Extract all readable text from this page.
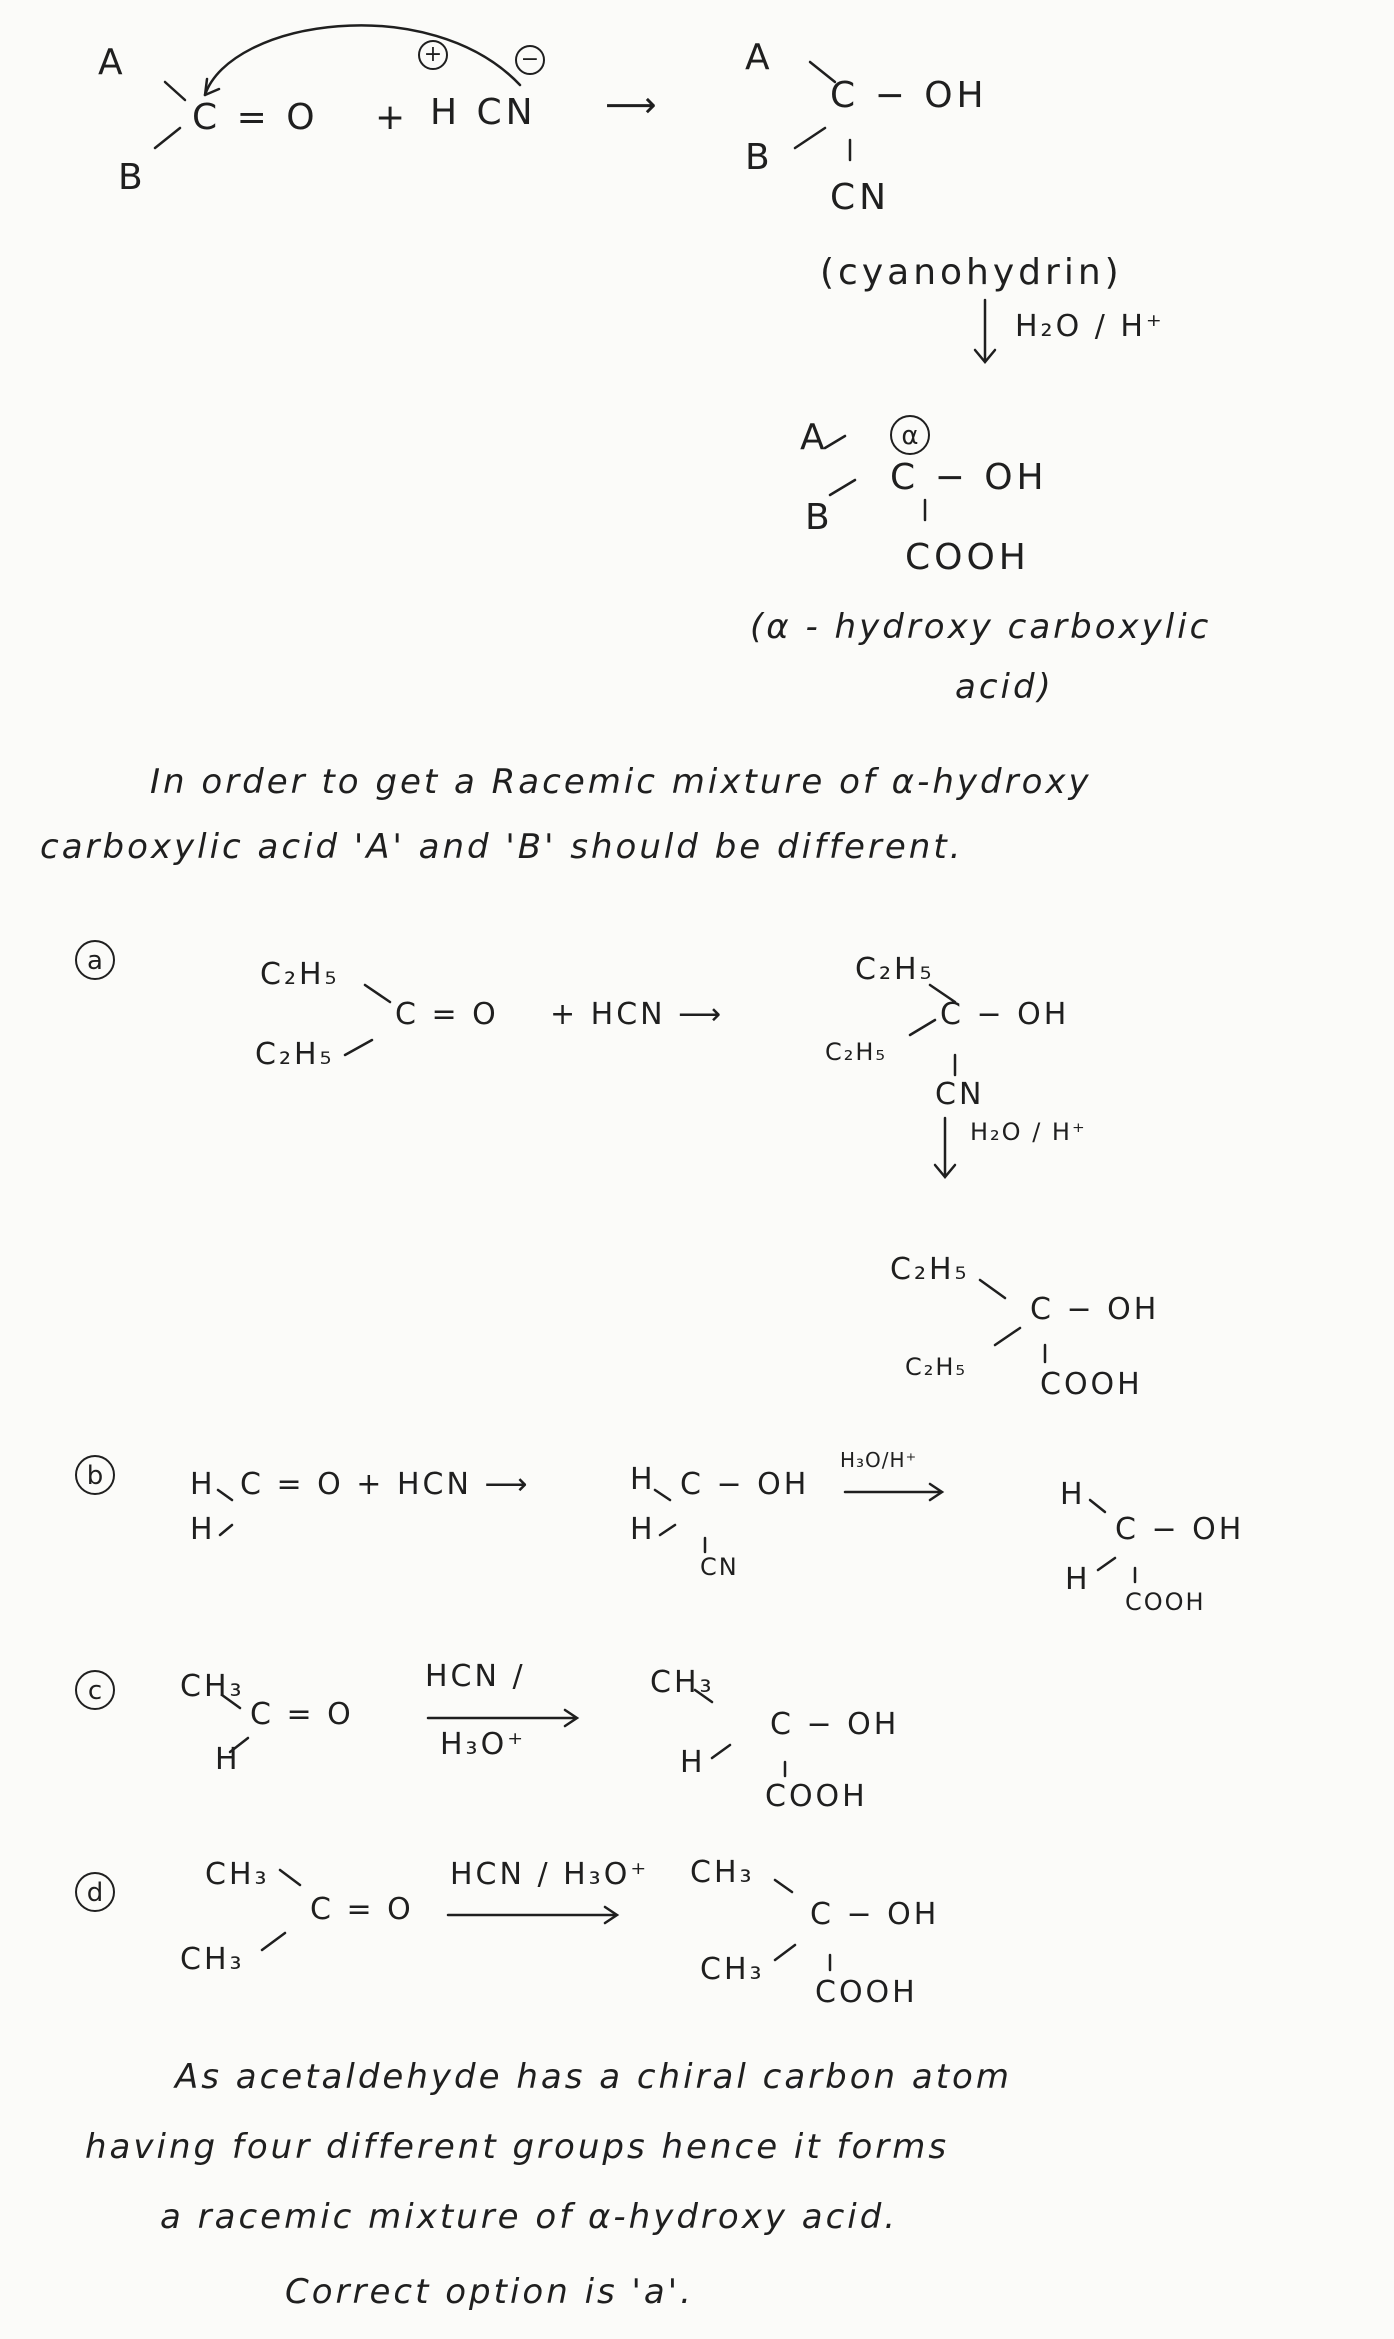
A
B
C = O + H CN
+	−
⟶
A
B
C − OH
CN
(cyanohydrin)
H₂O / H⁺
A
B
α
C − OH
COOH
(α - hydroxy carboxylic
acid)
In order to get a Racemic mixture of α-hydroxy
carboxylic acid 'A' and 'B' should be different.
a	C₂H₅
C₂H₅
C = O + HCN ⟶
C₂H₅
C₂H₅
C − OH
CN
H₂O / H⁺
C₂H₅
C₂H₅
C − OH
COOH
b	H
H
C = O + HCN ⟶	H
H
C − OH
CN
H₃O/H⁺
H
H
C − OH
COOH
c	CH₃
H
C = O
HCN /
H₃O⁺
CH₃
H
C − OH
COOH
d
CH₃
CH₃
C = O
HCN / H₃O⁺ CH₃
CH₃
C − OH
COOH
As acetaldehyde has a chiral carbon atom
having four different groups hence it forms
a racemic mixture of α-hydroxy acid.
Correct option is 'a'.
